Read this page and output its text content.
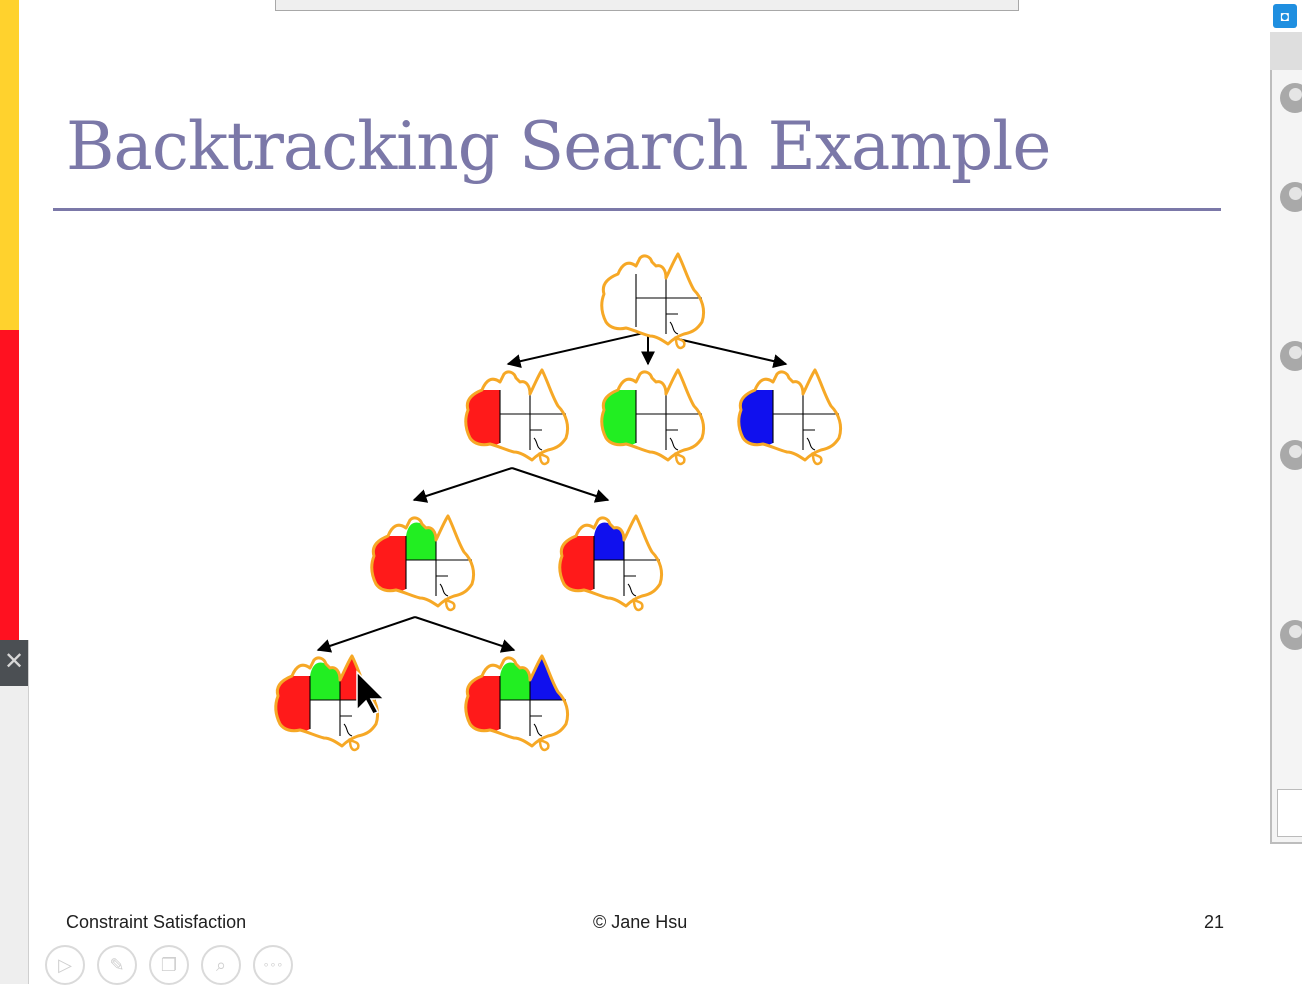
✕
Backtracking Search Example
Constraint Satisfaction	© Jane Hsu	21
▷	✎	❐	⌕	∘∘∘
◘
